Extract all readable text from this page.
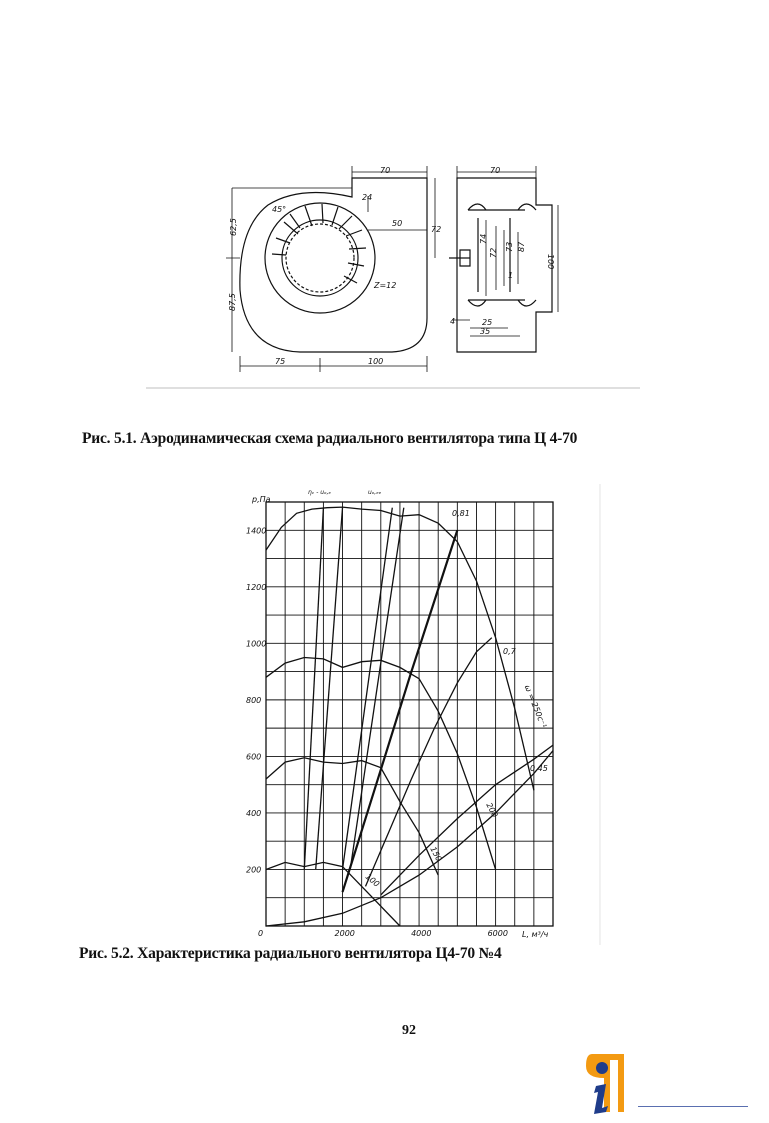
70
24
45°
50
72
Z=12
62,5
87,5
75	100
70
100
4	25
35
1
73 87
72
74
Рис. 5.1. Аэродинамическая схема радиального вентилятора типа Ц 4-70
0	2000	4000	6000
200
400
600
800
1000
1200
1400
p,Па
L, м³/ч
0,81
0,7
0,45
ω = 250с⁻¹
200
150
100
ηᵥ - uₒ,ₑ	uₒ,ₑₑ
Рис. 5.2. Характеристика радиального вентилятора Ц4-70 №4
92
